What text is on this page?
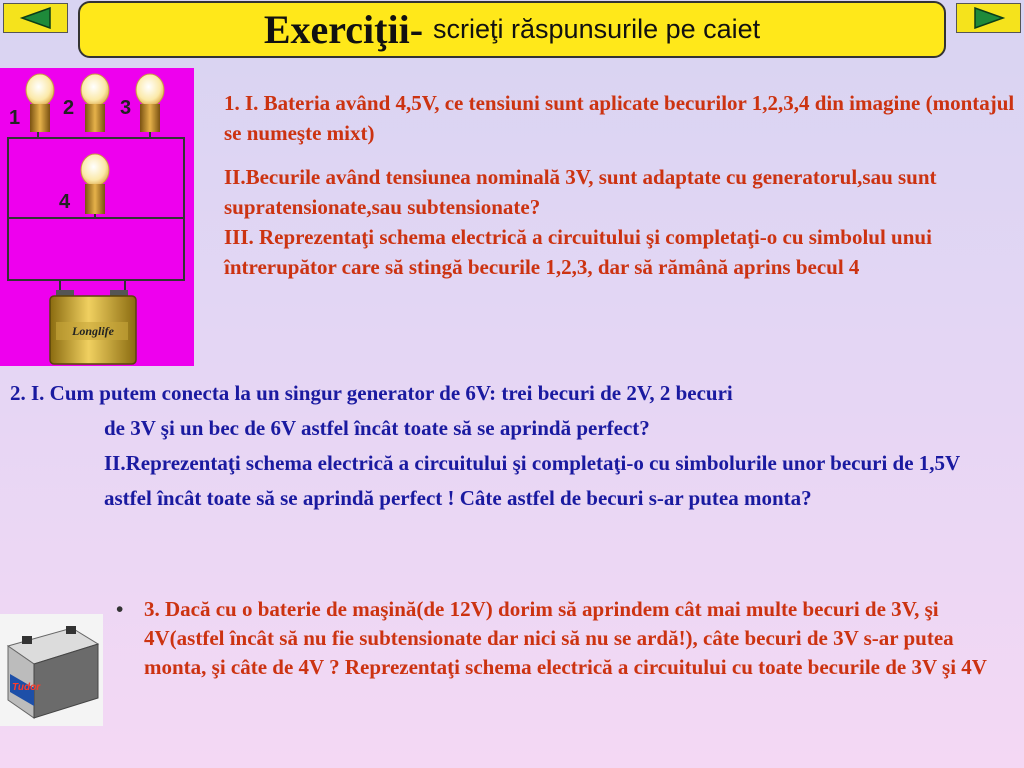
Exerciţii- scrieţi răspunsurile pe caiet
1 2 3
4
Longlife
Tudor

1. I. Bateria având 4,5V, ce tensiuni sunt aplicate becurilor 1,2,3,4 din imagine (montajul se numeşte mixt)

II.Becurile având tensiunea nominală 3V, sunt adaptate cu generatorul,sau sunt supratensionate,sau subtensionate?

III. Reprezentaţi schema electrică a circuitului şi completaţi-o cu simbolul unui întrerupător care să stingă becurile 1,2,3, dar să rămână aprins becul 4

2. I. Cum putem conecta la un singur generator de 6V: trei becuri de 2V, 2 becuri

de 3V şi un bec de 6V astfel încât toate să se aprindă perfect?

II.Reprezentaţi schema electrică a circuitului şi completaţi-o cu simbolurile unor becuri de 1,5V astfel încât toate să se aprindă perfect ! Câte astfel de becuri s-ar putea monta?

• 3. Dacă cu o baterie de maşină(de 12V) dorim să aprindem cât mai multe becuri de 3V, şi 4V(astfel încât să nu fie subtensionate dar nici să nu se ardă!), câte becuri de 3V s-ar putea monta, şi câte de 4V ? Reprezentaţi schema electrică a circuitului cu toate becurile de 3V şi 4V
